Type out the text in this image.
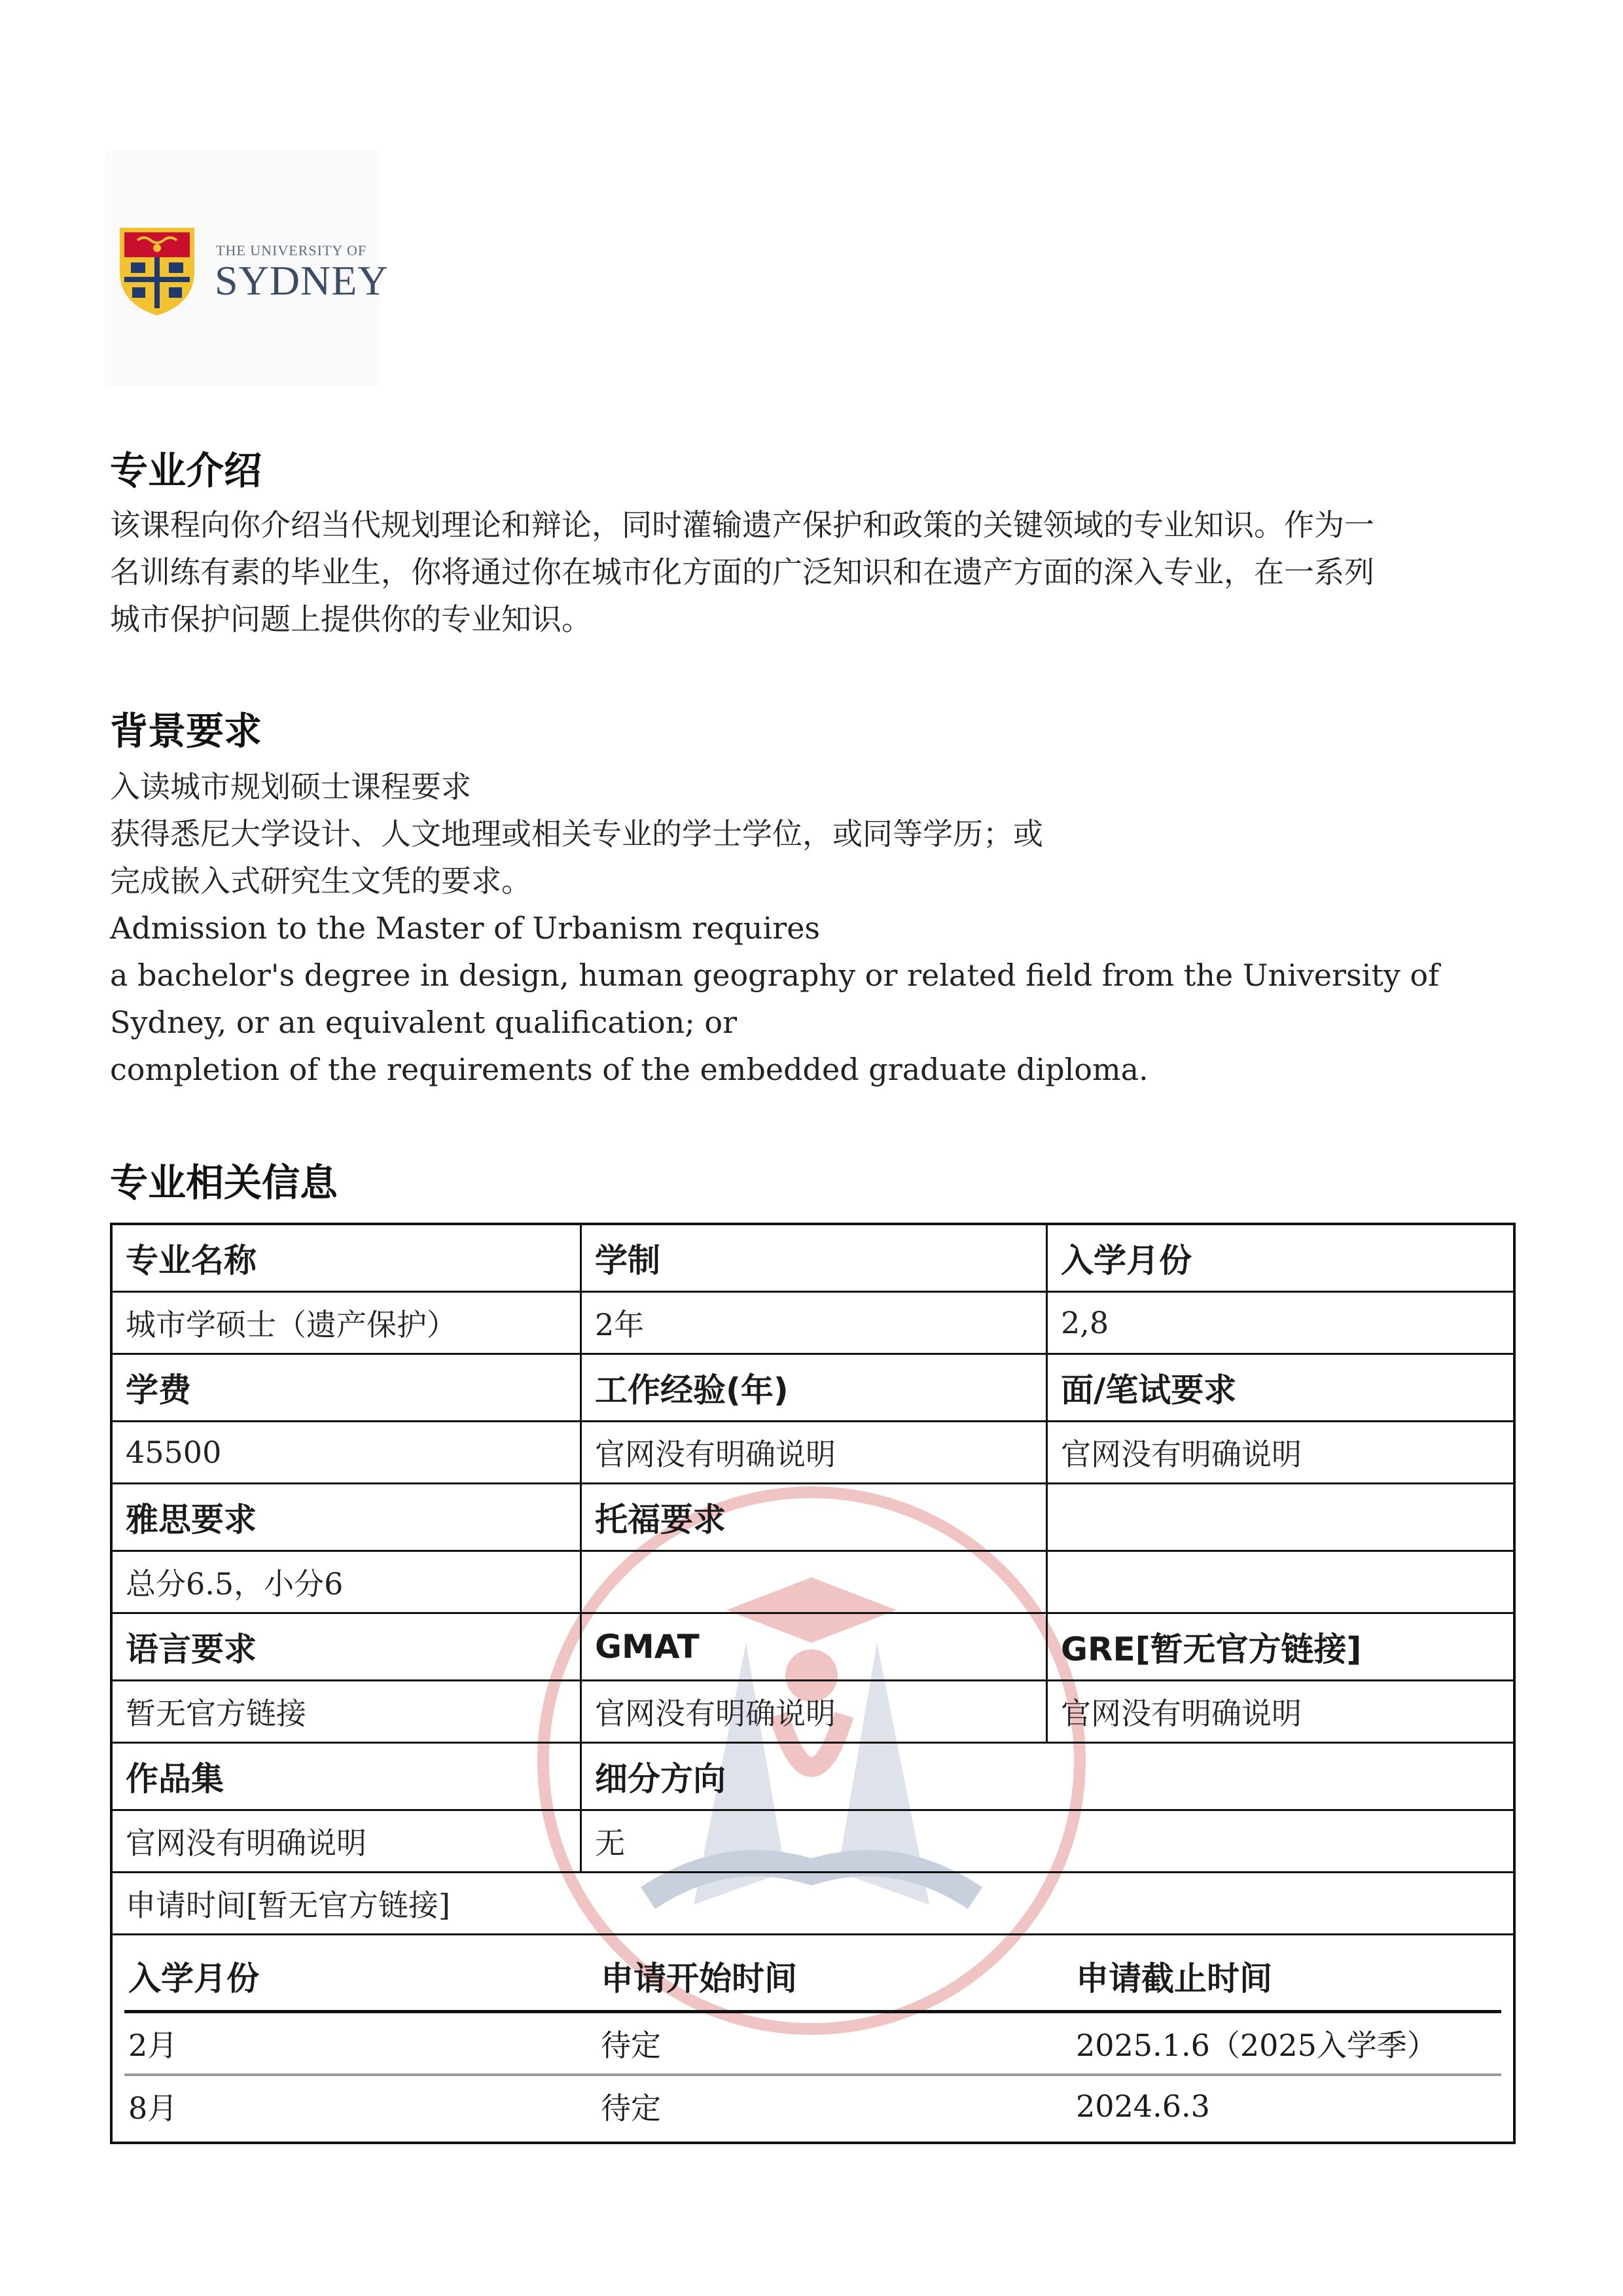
THE UNIVERSITY OF
SYDNEY
专业介绍
该课程向你介绍当代规划理论和辩论，同时灌输遗产保护和政策的关键领域的专业知识。作为一
名训练有素的毕业生，你将通过你在城市化方面的广泛知识和在遗产方面的深入专业，在一系列
城市保护问题上提供你的专业知识。
背景要求
入读城市规划硕士课程要求
获得悉尼大学设计、人文地理或相关专业的学士学位，或同等学历；或
完成嵌入式研究生文凭的要求。
Admission to the Master of Urbanism requires
a bachelor's degree in design, human geography or related field from the University of
Sydney, or an equivalent qualification; or
completion of the requirements of the embedded graduate diploma.
专业相关信息
专业名称	学制	入学月份
城市学硕士（遗产保护）	2年	2,8
学费	工作经验(年)	面/笔试要求
45500	官网没有明确说明	官网没有明确说明
雅思要求	托福要求
总分6.5，小分6
语言要求	GMAT	GRE[暂无官方链接]
暂无官方链接	官网没有明确说明	官网没有明确说明
作品集	细分方向
官网没有明确说明	无
申请时间[暂无官方链接]
入学月份	申请开始时间	申请截止时间
2月	待定	2025.1.6（2025入学季）
8月	待定	2024.6.3
